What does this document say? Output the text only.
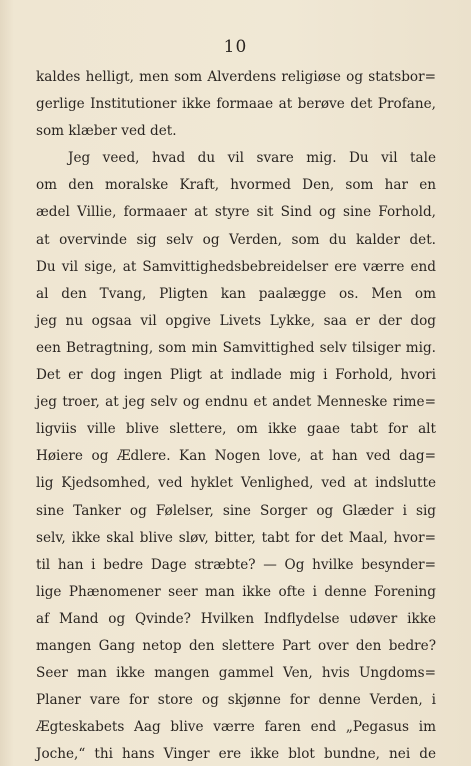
10
kaldes helligt, men som Alverdens religiøse og statsbor=
gerlige Institutioner ikke formaae at berøve det Profane,
som klæber ved det.
Jeg veed, hvad du vil svare mig. Du vil tale
om den moralske Kraft, hvormed Den, som har en
ædel Villie, formaaer at styre sit Sind og sine Forhold,
at overvinde sig selv og Verden, som du kalder det.
Du vil sige, at Samvittighedsbebreidelser ere værre end
al den Tvang, Pligten kan paalægge os. Men om
jeg nu ogsaa vil opgive Livets Lykke, saa er der dog
een Betragtning, som min Samvittighed selv tilsiger mig.
Det er dog ingen Pligt at indlade mig i Forhold, hvori
jeg troer, at jeg selv og endnu et andet Menneske rime=
ligviis ville blive slettere, om ikke gaae tabt for alt
Høiere og Ædlere. Kan Nogen love, at han ved dag=
lig Kjedsomhed, ved hyklet Venlighed, ved at indslutte
sine Tanker og Følelser, sine Sorger og Glæder i sig
selv, ikke skal blive sløv, bitter, tabt for det Maal, hvor=
til han i bedre Dage stræbte? — Og hvilke besynder=
lige Phænomener seer man ikke ofte i denne Forening
af Mand og Qvinde? Hvilken Indflydelse udøver ikke
mangen Gang netop den slettere Part over den bedre?
Seer man ikke mangen gammel Ven, hvis Ungdoms=
Planer vare for store og skjønne for denne Verden, i
Ægteskabets Aag blive værre faren end „Pegasus im
Joche,“ thi hans Vinger ere ikke blot bundne, nei de
